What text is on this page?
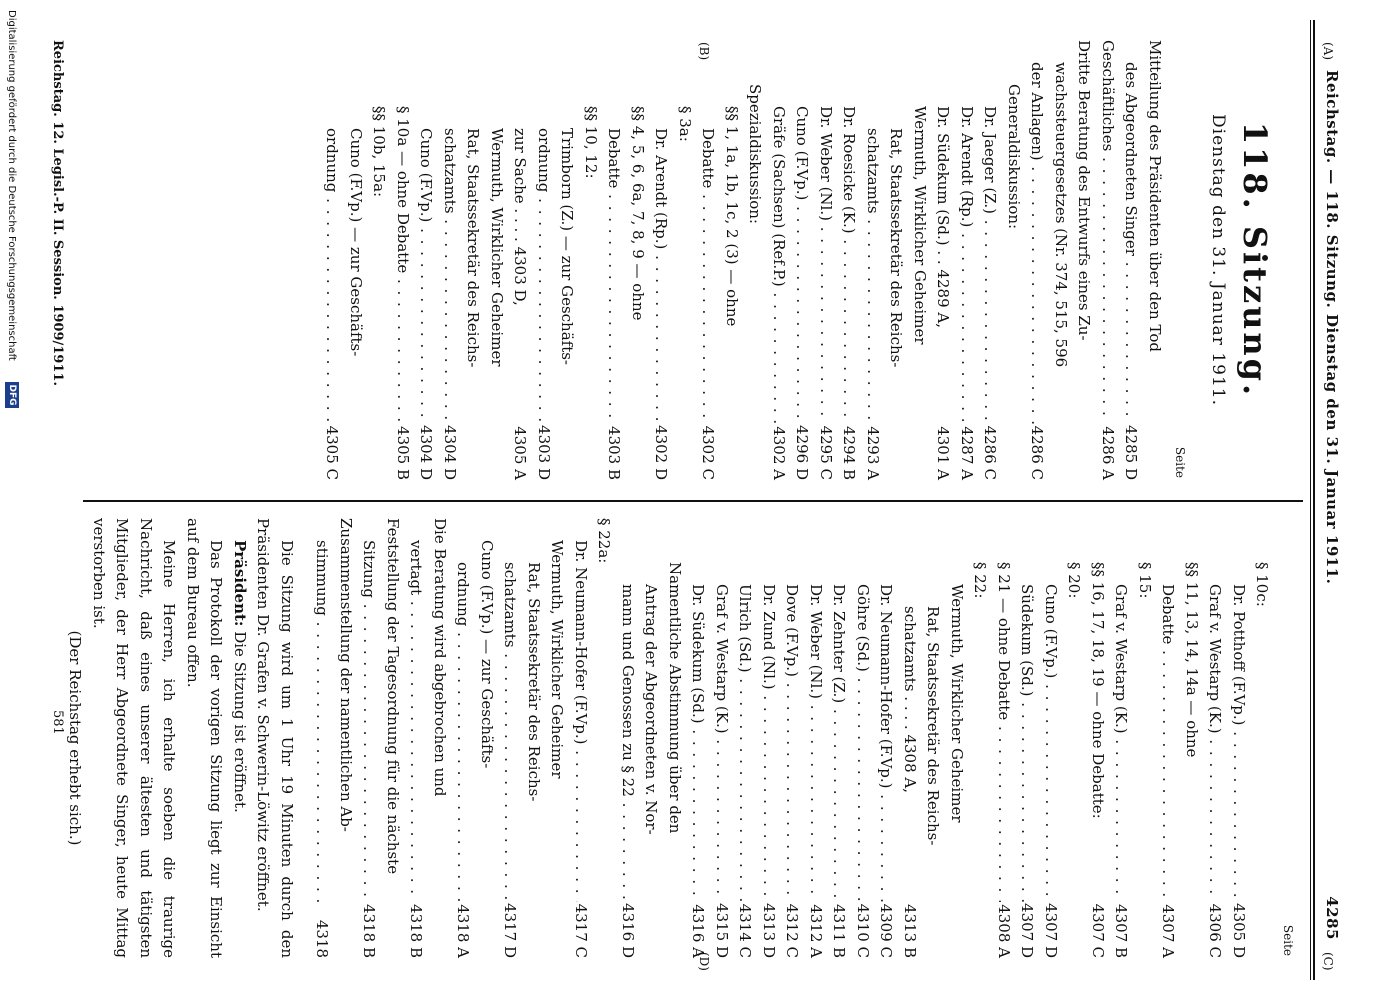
Reichstag. — 118. Sitzung. Dienstag den 31. Januar 1911.
4285
(A)
(B)
(C)
(D)
118. Sitzung.
Dienstag den 31. Januar 1911.
Seite
Mitteilung des Präsidenten über den Tod
des Abgeordneten Singer . . .
4285 D
Geschäftliches . . .
4286 A
Dritte Beratung des Entwurfs eines Zu-
wachssteuergesetzes (Nr. 374, 515, 596
der Anlagen) . . .
4286 C
Generaldiskussion:
Dr. Jaeger (Z.) . . .
4286 C
Dr. Arendt (Rp.) . . .
4287 A
Dr. Südekum (Sd.) . . 4289 A,
4301 A
Wermuth, Wirklicher Geheimer
Rat, Staatssekretär des Reichs-
schatzamts . . .
4293 A
Dr. Roesicke (K.) . . .
4294 B
Dr. Weber (Nl.) . . .
4295 C
Cuno (F.Vp.) . . .
4296 D
Gräfe (Sachsen) (Ref.P.) . . .
4302 A
Spezialdiskussion:
§§ 1, 1a, 1b, 1c, 2 (3) — ohne
Debatte . . .
4302 C
§ 3a:
Dr. Arendt (Rp.) . . .
4302 D
§§ 4, 5, 6, 6a, 7, 8, 9 — ohne
Debatte . . .
4303 B
§§ 10, 12:
Trimborn (Z.) — zur Geschäfts-
ordnung . . .
4303 D
zur Sache . . . . 4303 D,
4305 A
Wermuth, Wirklicher Geheimer
Rat, Staatssekretär des Reichs-
schatzamts . . .
4304 D
Cuno (F.Vp.) . . .
4304 D
§ 10a — ohne Debatte . . .
4305 B
§§ 10b, 15a:
Cuno (F.Vp.) — zur Geschäfts-
ordnung . . .
4305 C
Seite
§ 10c:
Dr. Potthoff (F.Vp.) . . .
4305 D
Graf v. Westarp (K.) . . .
4306 C
§§ 11, 13, 14, 14a — ohne
Debatte . . .
4307 A
§ 15:
Graf v. Westarp (K.) . . .
4307 B
§§ 16, 17, 18, 19 — ohne Debatte:
4307 C
§ 20:
Cuno (F.Vp.) . . .
4307 D
Südekum (Sd.) . . .
4307 D
§ 21 — ohne Debatte . . .
4308 A
§ 22:
Wermuth, Wirklicher Geheimer
Rat, Staatssekretär des Reichs-
schatzamts . . . . 4308 A,
4313 B
Dr. Neumann-Hofer (F.Vp.) . . .
4309 C
Göhre (Sd.) . . .
4310 C
Dr. Zehnter (Z.) . . .
4311 B
Dr. Weber (Nl.) . . .
4312 A
Dove (F.Vp.) . . .
4312 C
Dr. Zund (Nl.) . . .
4313 D
Ulrich (Sd.) . . .
4314 C
Graf v. Westarp (K.) . . .
4315 D
Dr. Südekum (Sd.) . . .
4316 A
Namentliche Abstimmung über den
Antrag der Abgeordneten v. Nor-
mann und Genossen zu § 22 . . .
4316 D
§ 22a:
Dr. Neumann-Hofer (F.Vp.) . . .
4317 C
Wermuth, Wirklicher Geheimer
Rat, Staatssekretär des Reichs-
schatzamts . . .
4317 D
Cuno (F.Vp.) — zur Geschäfts-
ordnung . . .
4318 A
Die Beratung wird abgebrochen und
vertagt . . .
4318 B
Feststellung der Tagesordnung für die nächste
Sitzung . . .
4318 B
Zusammenstellung der namentlichen Ab-
stimmung . . .
4318
Die Sitzung wird um 1 Uhr 19 Minuten durch den Präsidenten Dr. Grafen v. Schwerin-Löwitz eröffnet.
Präsident: Die Sitzung ist eröffnet.
Das Protokoll der vorigen Sitzung liegt zur Einsicht auf dem Bureau offen.
Meine Herren, ich erhalte soeben die traurige Nachricht, daß eines unserer ältesten und tätigsten Mitglieder, der Herr Abgeordnete Singer, heute Mittag verstorben ist.
(Der Reichstag erhebt sich.)
Reichstag. 12. Legisl.-P. II. Session. 1909/1911.
581
Digitalisierung gefördert durch die Deutsche Forschungsgemeinschaft
DFG
